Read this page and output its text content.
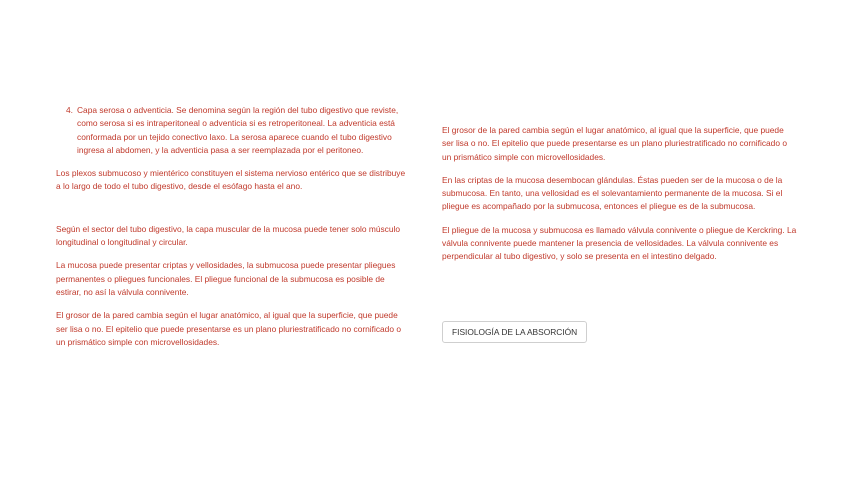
4. Capa serosa o adventicia. Se denomina según la región del tubo digestivo que reviste, como serosa si es intraperitoneal o adventicia si es retroperitoneal. La adventicia está conformada por un tejido conectivo laxo. La serosa aparece cuando el tubo digestivo ingresa al abdomen, y la adventicia pasa a ser reemplazada por el peritoneo.

Los plexos submucoso y mientérico constituyen el sistema nervioso entérico que se distribuye a lo largo de todo el tubo digestivo, desde el esófago hasta el ano.

Según el sector del tubo digestivo, la capa muscular de la mucosa puede tener solo músculo longitudinal o longitudinal y circular.

La mucosa puede presentar criptas y vellosidades, la submucosa puede presentar pliegues permanentes o pliegues funcionales. El pliegue funcional de la submucosa es posible de estirar, no así la válvula connivente.

El grosor de la pared cambia según el lugar anatómico, al igual que la superficie, que puede ser lisa o no. El epitelio que puede presentarse es un plano pluriestratificado no cornificado o un prismático simple con microvellosidades.

El grosor de la pared cambia según el lugar anatómico, al igual que la superficie, que puede ser lisa o no. El epitelio que puede presentarse es un plano pluriestratificado no cornificado o un prismático simple con microvellosidades.

En las criptas de la mucosa desembocan glándulas. Éstas pueden ser de la mucosa o de la submucosa. En tanto, una vellosidad es el solevantamiento permanente de la mucosa. Si el pliegue es acompañado por la submucosa, entonces el pliegue es de la submucosa.

El pliegue de la mucosa y submucosa es llamado válvula connivente o pliegue de Kerckring. La válvula connivente puede mantener la presencia de vellosidades. La válvula connivente es perpendicular al tubo digestivo, y solo se presenta en el intestino delgado.

FISIOLOGÍA DE LA ABSORCIÓN
